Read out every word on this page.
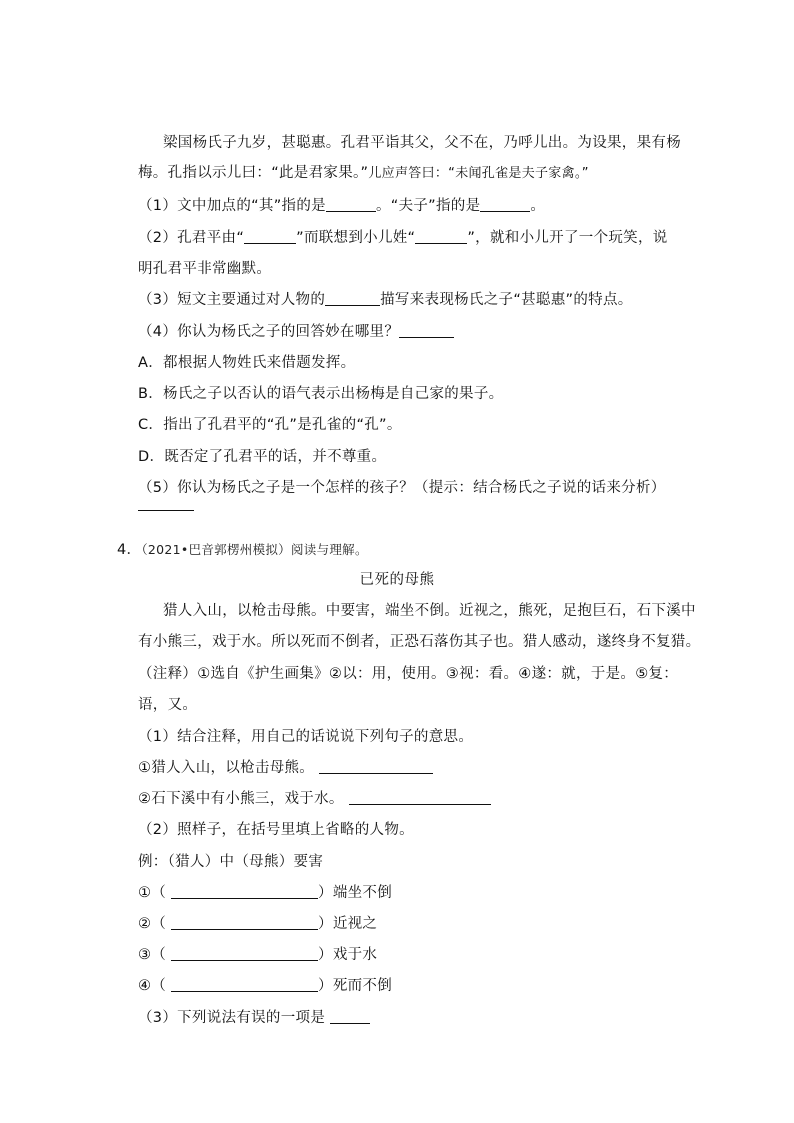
梁国杨氏子九岁，甚聪惠。孔君平诣其父，父不在，乃呼儿出。为设果，果有杨
梅。孔指以示儿曰：“此是君家果。”儿应声答曰：“未闻孔雀是夫子家禽。”
（1）文中加点的“其”指的是	。“夫子”指的是	。
（2）孔君平由“	”而联想到小儿姓“	”，就和小儿开了一个玩笑，说
明孔君平非常幽默。
（3）短文主要通过对人物的	描写来表现杨氏之子“甚聪惠”的特点。
（4）你认为杨氏之子的回答妙在哪里？
A．都根据人物姓氏来借题发挥。
B．杨氏之子以否认的语气表示出杨梅是自己家的果子。
C．指出了孔君平的“孔”是孔雀的“孔”。
D．既否定了孔君平的话，并不尊重。
（5）你认为杨氏之子是一个怎样的孩子？（提示：结合杨氏之子说的话来分析）
4．（2021•巴音郭楞州模拟）阅读与理解。
已死的母熊
猎人入山，以枪击母熊。中要害，端坐不倒。近视之，熊死，足抱巨石，石下溪中
有小熊三，戏于水。所以死而不倒者，正恐石落伤其子也。猎人感动，遂终身不复猎。
（注释）①选自《护生画集》②以：用，使用。③视：看。④遂：就，于是。⑤复：
语，又。
（1）结合注释，用自己的话说说下列句子的意思。
①猎人入山，以枪击母熊。
②石下溪中有小熊三，戏于水。
（2）照样子，在括号里填上省略的人物。
例：（猎人）中（母熊）要害
①（	）端坐不倒
②（	）近视之
③（	）戏于水
④（	）死而不倒
（3）下列说法有误的一项是
